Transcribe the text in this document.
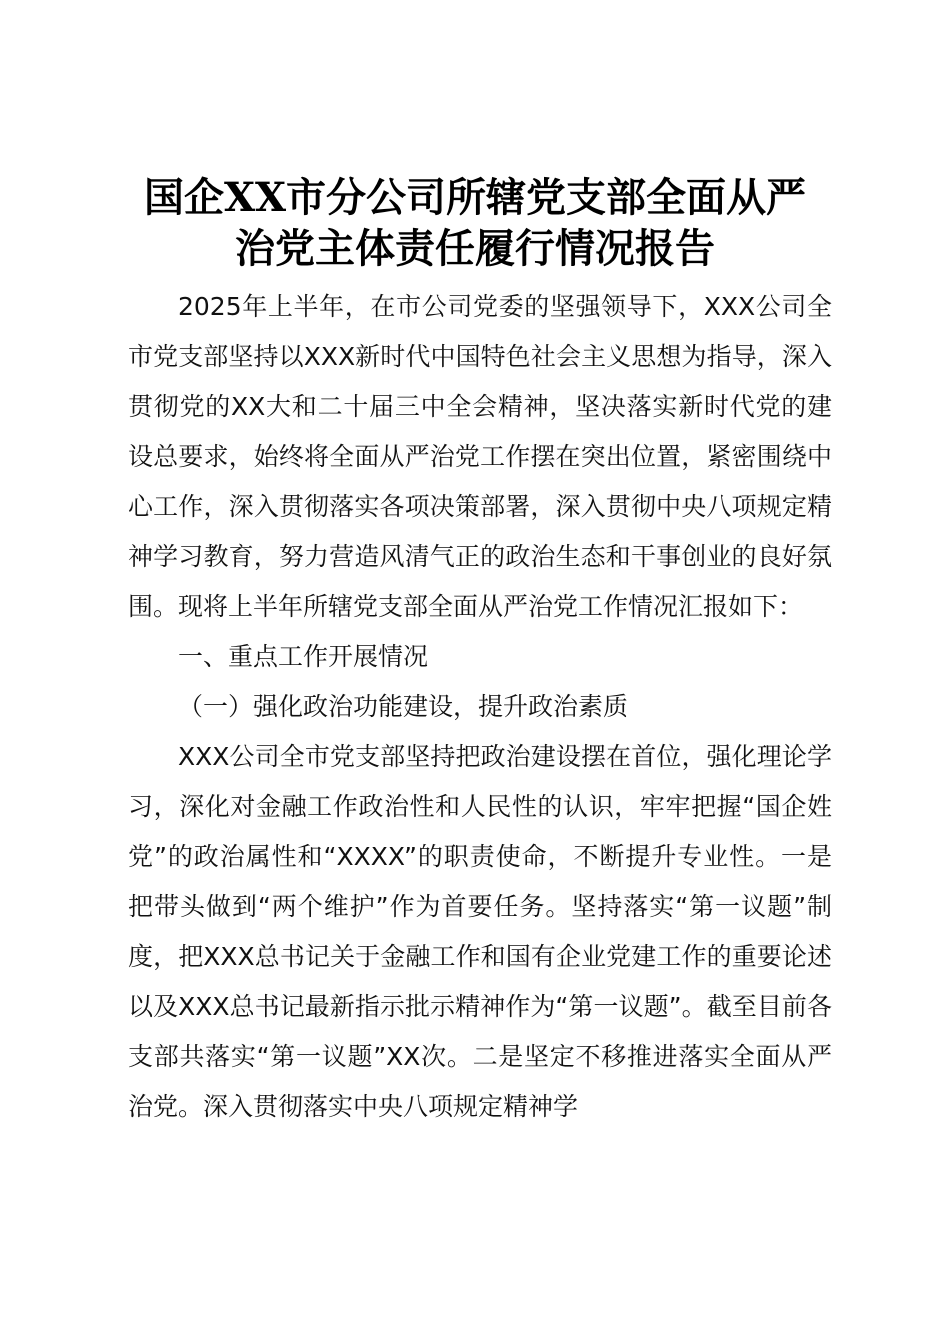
国企XX市分公司所辖党支部全面从严
治党主体责任履行情况报告

2025年上半年，在市公司党委的坚强领导下，XXX公司全市党支部坚持以XXX新时代中国特色社会主义思想为指导，深入贯彻党的XX大和二十届三中全会精神，坚决落实新时代党的建设总要求，始终将全面从严治党工作摆在突出位置，紧密围绕中心工作，深入贯彻落实各项决策部署，深入贯彻中央八项规定精神学习教育，努力营造风清气正的政治生态和干事创业的良好氛围。现将上半年所辖党支部全面从严治党工作情况汇报如下：

一、重点工作开展情况

（一）强化政治功能建设，提升政治素质

XXX公司全市党支部坚持把政治建设摆在首位，强化理论学习，深化对金融工作政治性和人民性的认识，牢牢把握“国企姓党”的政治属性和“XXXX”的职责使命，不断提升专业性。一是把带头做到“两个维护”作为首要任务。坚持落实“第一议题”制度，把XXX总书记关于金融工作和国有企业党建工作的重要论述以及XXX总书记最新指示批示精神作为“第一议题”。截至目前各支部共落实“第一议题”XX次。二是坚定不移推进落实全面从严治党。深入贯彻落实中央八项规定精神学
